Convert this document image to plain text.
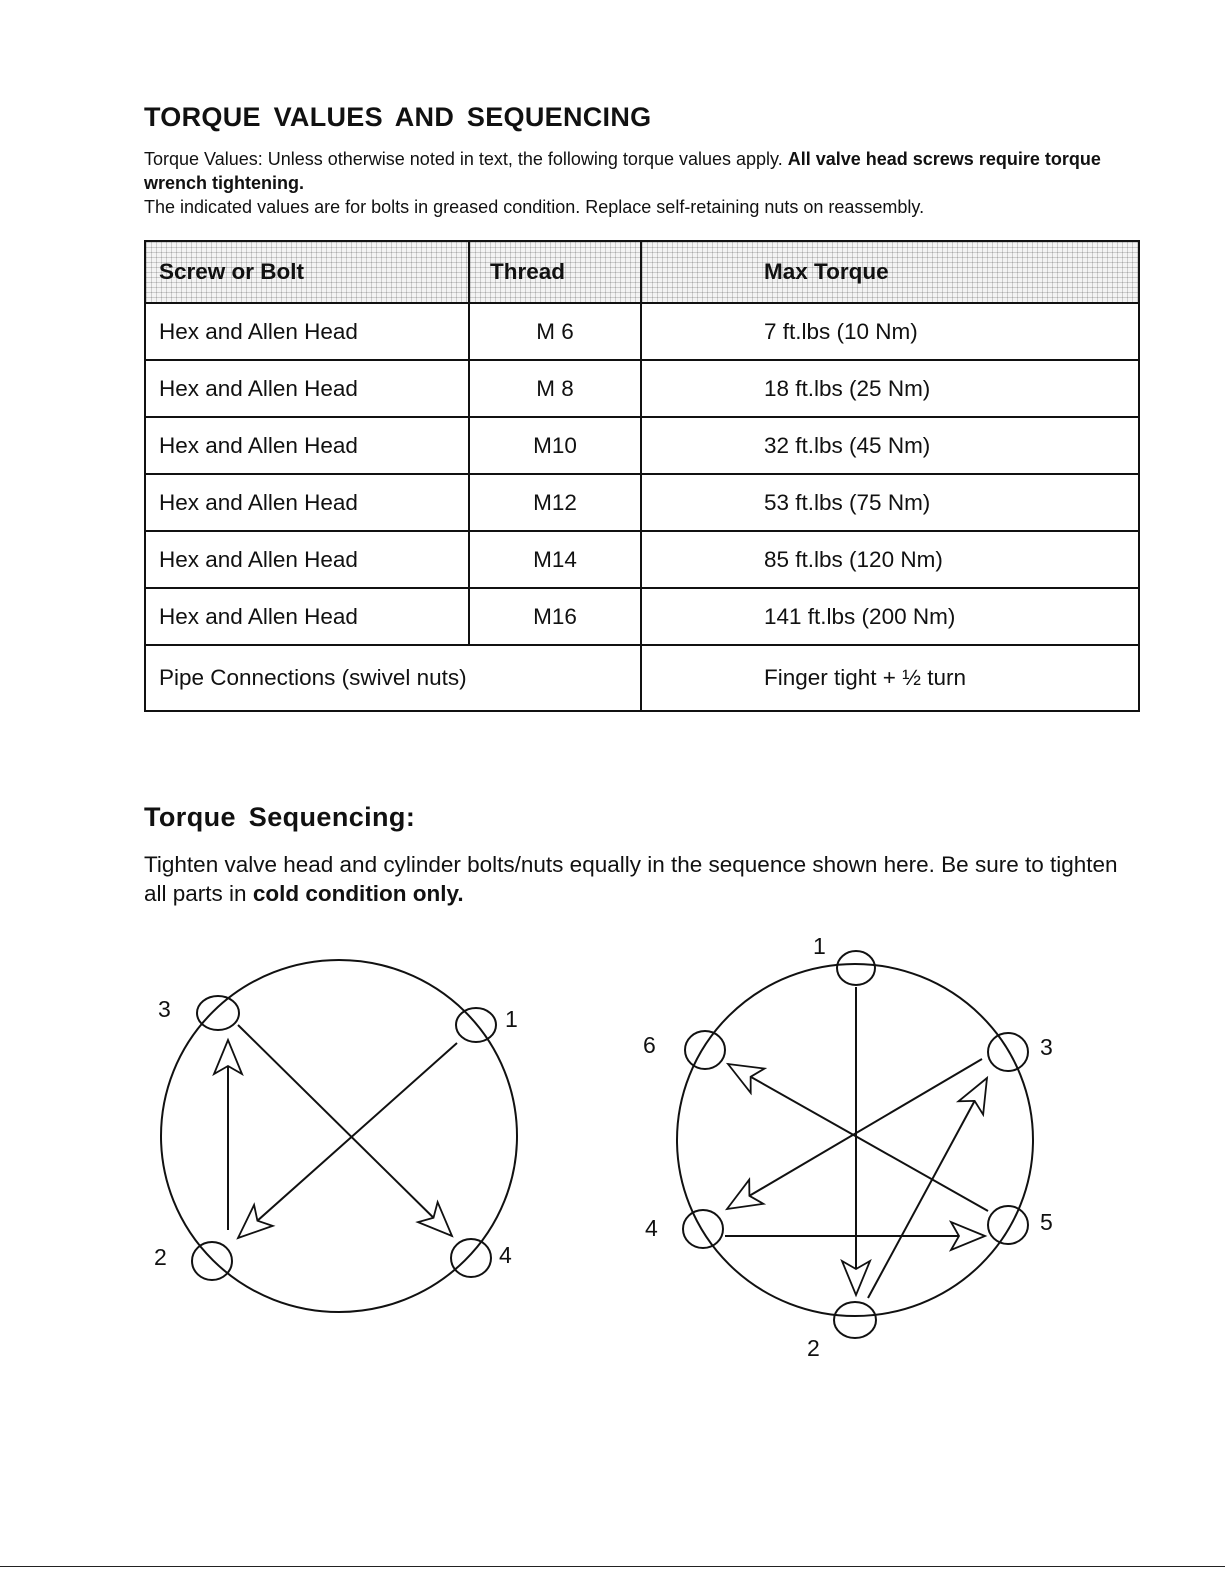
TORQUE VALUES AND SEQUENCING

Torque Values: Unless otherwise noted in text, the following torque values apply. All valve head screws require torque wrench tightening.
The indicated values are for bolts in greased condition. Replace self-retaining nuts on reassembly.

Screw or Bolt	Thread	Max Torque
Hex and Allen Head	M 6	7 ft.lbs (10 Nm)
Hex and Allen Head	M 8	18 ft.lbs (25 Nm)
Hex and Allen Head	M10	32 ft.lbs (45 Nm)
Hex and Allen Head	M12	53 ft.lbs (75 Nm)
Hex and Allen Head	M14	85 ft.lbs (120 Nm)
Hex and Allen Head	M16	141 ft.lbs (200 Nm)
Pipe Connections (swivel nuts)		Finger tight + ½ turn
Torque Sequencing:

Tighten valve head and cylinder bolts/nuts equally in the sequence shown here. Be sure to tighten all parts in cold condition only.

1
2
3
4
1
2
3
4	5
6
